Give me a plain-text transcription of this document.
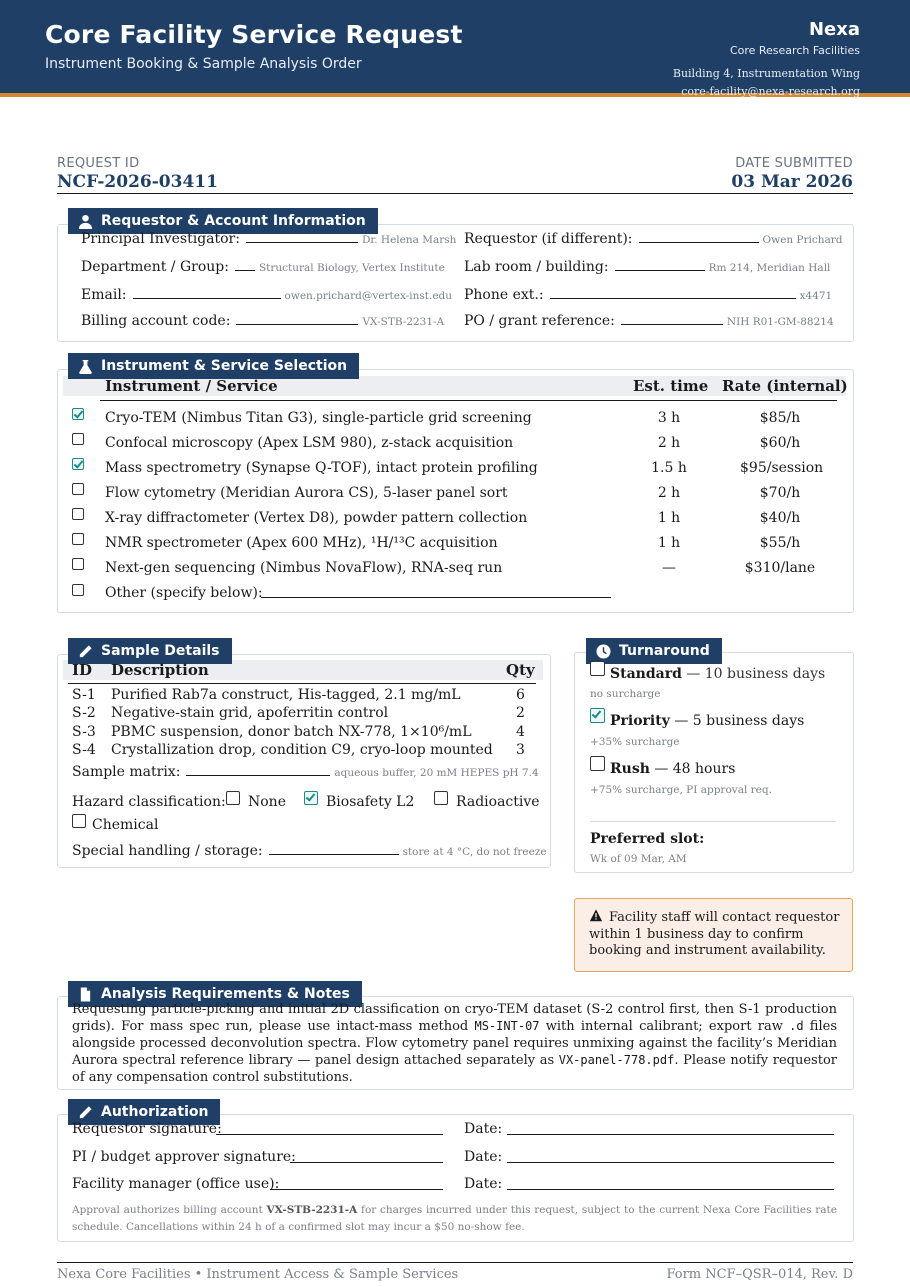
Core Facility Service Request
Instrument Booking & Sample Analysis Order
Nexa
Core Research Facilities
Building 4, Instrumentation Wing
core-facility@nexa-research.org
REQUEST ID
NCF-2026-03411
DATE SUBMITTED
03 Mar 2026
Requestor & Account Information
Principal Investigator:	Dr. Helena Marsh Requestor (if different):	Owen Prichard
Department / Group:	Structural Biology, Vertex Institute Lab room / building:	Rm 214, Meridian Hall
Email:	owen.prichard@vertex-inst.edu Phone ext.:	x4471
Billing account code:	VX-STB-2231-A PO / grant reference:	NIH R01-GM-88214
Instrument & Service Selection
Instrument / Service	Est. time Rate (internal)
Cryo-TEM (Nimbus Titan G3), single-particle grid screening	3 h	$85/h
Confocal microscopy (Apex LSM 980), z-stack acquisition	2 h	$60/h
Mass spectrometry (Synapse Q-TOF), intact protein profiling	1.5 h	$95/session
Flow cytometry (Meridian Aurora CS), 5-laser panel sort	2 h	$70/h
X-ray diffractometer (Vertex D8), powder pattern collection	1 h	$40/h
NMR spectrometer (Apex 600 MHz), ¹H/¹³C acquisition	1 h	$55/h
Next-gen sequencing (Nimbus NovaFlow), RNA-seq run	—	$310/lane
Other (specify below):
Sample Details
ID Description	Qty
S-1 Purified Rab7a construct, His-tagged, 2.1 mg/mL	6
S-2 Negative-stain grid, apoferritin control	2
S-3 PBMC suspension, donor batch NX-778, 1×10⁶/mL	4
S-4 Crystallization drop, condition C9, cryo-loop mounted 3
Sample matrix:	aqueous buffer, 20 mM HEPES pH 7.4
Hazard classification: None	Biosafety L2	Radioactive
Chemical
Special handling / storage:	store at 4 °C, do not freeze
Turnaround
Standard — 10 business days
no surcharge
Priority — 5 business days
+35% surcharge
Rush — 48 hours
+75% surcharge, PI approval req.
Preferred slot:
Wk of 09 Mar, AM
Facility staff will contact requestor within 1 business day to confirm booking and instrument availability.
Analysis Requirements & Notes
Requesting particle-picking and initial 2D classification on cryo-TEM dataset (S-2 control first, then S-1 production grids). For mass spec run, please use intact-mass method MS-INT-07 with internal calibrant; export raw .d files alongside processed deconvolution spectra. Flow cytometry panel requires unmixing against the facility’s Meridian Aurora spectral reference library — panel design attached separately as VX-panel-778.pdf. Please notify requestor of any compensation control substitutions.
Authorization
Requestor signature:	Date:
PI / budget approver signature:	Date:
Facility manager (office use):	Date:
Approval authorizes billing account VX-STB-2231-A for charges incurred under this request, subject to the current Nexa Core Facilities rate schedule. Cancellations within 24 h of a confirmed slot may incur a $50 no-show fee.
Nexa Core Facilities • Instrument Access & Sample Services	Form NCF–QSR–014, Rev. D
